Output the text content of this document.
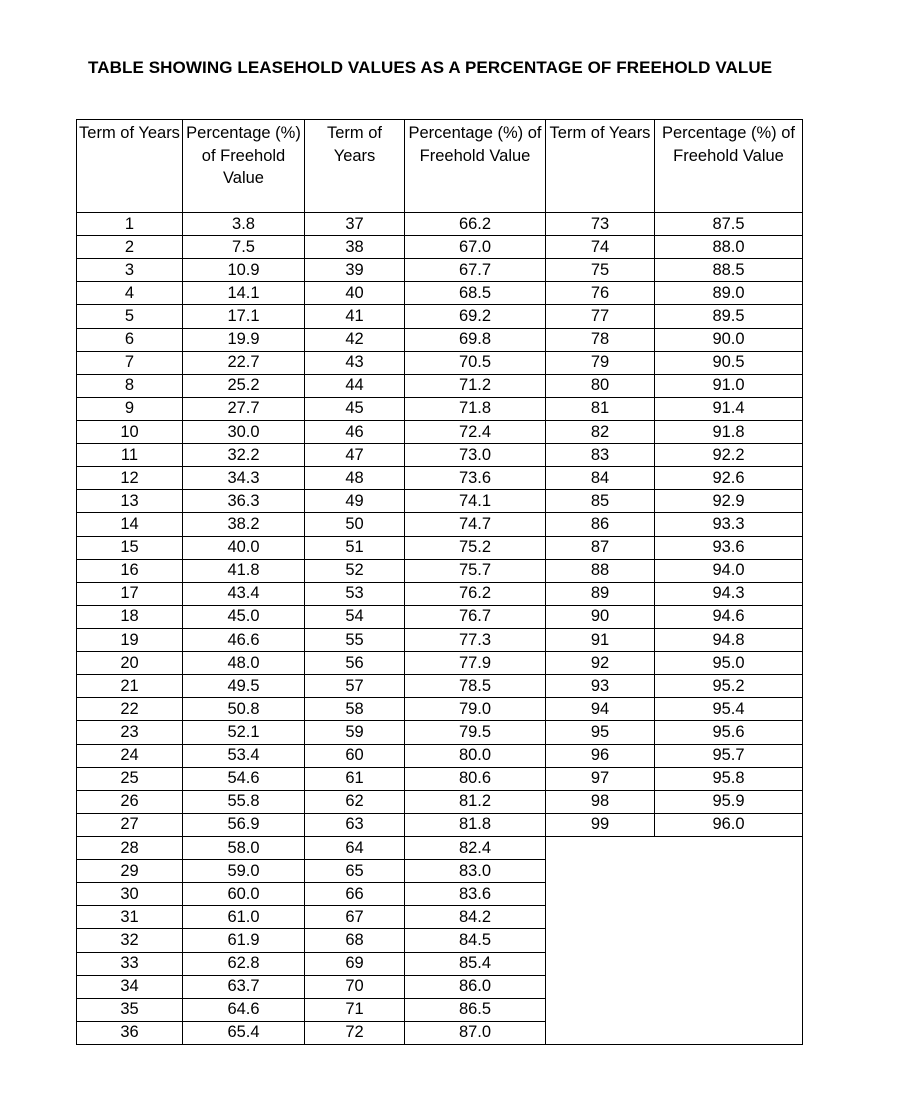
TABLE SHOWING LEASEHOLD VALUES AS A PERCENTAGE OF FREEHOLD VALUE
Term of Years	Percentage (%) of Freehold Value	Term of Years	Percentage (%) of Freehold Value	Term of Years	Percentage (%) of Freehold Value
1	3.8	37	66.2	73	87.5
2	7.5	38	67.0	74	88.0
3	10.9	39	67.7	75	88.5
4	14.1	40	68.5	76	89.0
5	17.1	41	69.2	77	89.5
6	19.9	42	69.8	78	90.0
7	22.7	43	70.5	79	90.5
8	25.2	44	71.2	80	91.0
9	27.7	45	71.8	81	91.4
10	30.0	46	72.4	82	91.8
11	32.2	47	73.0	83	92.2
12	34.3	48	73.6	84	92.6
13	36.3	49	74.1	85	92.9
14	38.2	50	74.7	86	93.3
15	40.0	51	75.2	87	93.6
16	41.8	52	75.7	88	94.0
17	43.4	53	76.2	89	94.3
18	45.0	54	76.7	90	94.6
19	46.6	55	77.3	91	94.8
20	48.0	56	77.9	92	95.0
21	49.5	57	78.5	93	95.2
22	50.8	58	79.0	94	95.4
23	52.1	59	79.5	95	95.6
24	53.4	60	80.0	96	95.7
25	54.6	61	80.6	97	95.8
26	55.8	62	81.2	98	95.9
27	56.9	63	81.8	99	96.0
28	58.0	64	82.4		
29	59.0	65	83.0		
30	60.0	66	83.6		
31	61.0	67	84.2		
32	61.9	68	84.5		
33	62.8	69	85.4		
34	63.7	70	86.0		
35	64.6	71	86.5		
36	65.4	72	87.0		
